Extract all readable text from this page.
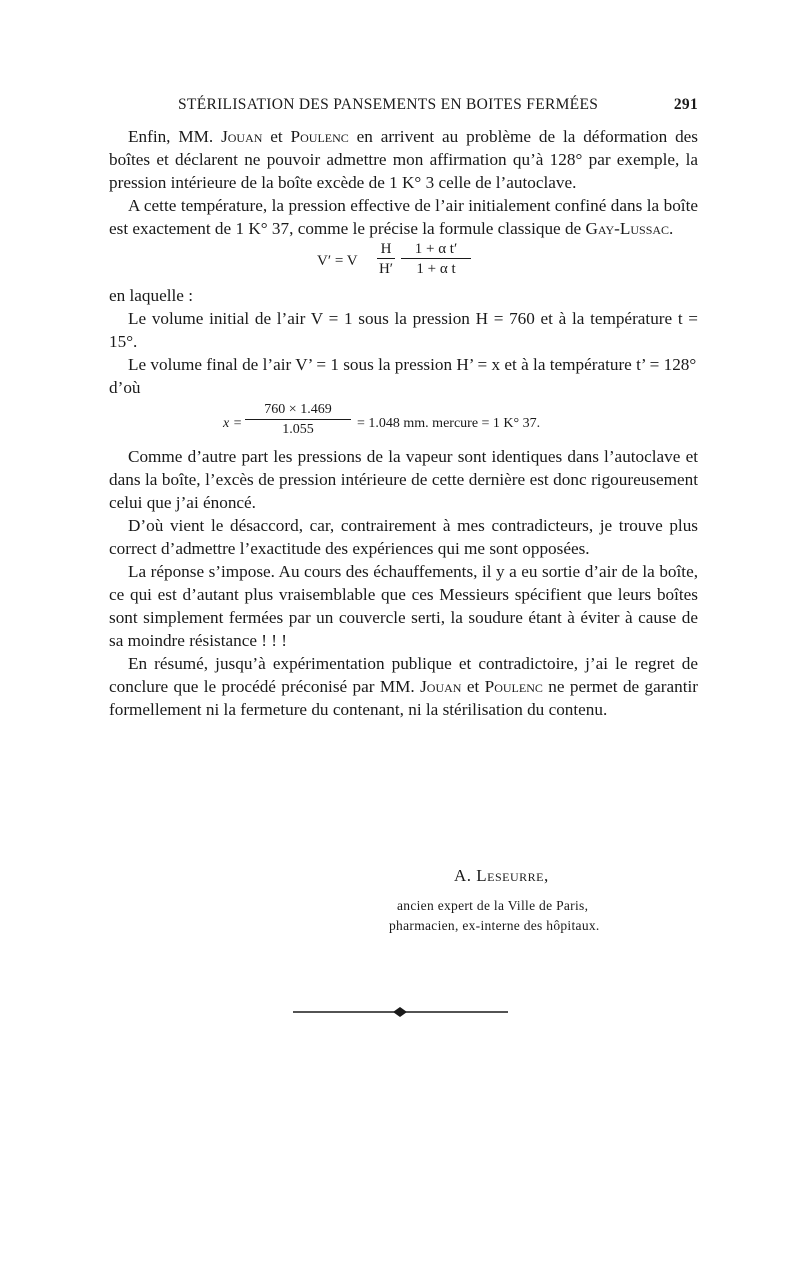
STÉRILISATION DES PANSEMENTS EN BOITES FERMÉES	291

Enfin, MM. Jouan et Poulenc en arrivent au problème de la déformation des boîtes et déclarent ne pouvoir admettre mon affirmation qu’à 128° par exemple, la pression intérieure de la boîte excède de 1 K° 3 celle de l’autoclave.

A cette température, la pression effective de l’air initialement confiné dans la boîte est exactement de 1 K° 37, comme le précise la formule classique de Gay-Lussac.

V′ = V $\frac{H}{H'} \frac{\text{1 + α t′}}{\text{1 + α t}}$

en laquelle :

Le volume initial de l’air V = 1 sous la pression H = 760 et à la température t = 15°.

Le volume final de l’air V’ = 1 sous la pression H’ = x et à la température t’ = 128°

d’où

$x = \frac{760 \times 1.469}{1.055} = 1.048$ mm. mercure = 1 K° 37.

Comme d’autre part les pressions de la vapeur sont identiques dans l’autoclave et dans la boîte, l’excès de pression intérieure de cette dernière est donc rigoureusement celui que j’ai énoncé.

D’où vient le désaccord, car, contrairement à mes contradicteurs, je trouve plus correct d’admettre l’exactitude des expériences qui me sont opposées.

La réponse s’impose. Au cours des échauffements, il y a eu sortie d’air de la boîte, ce qui est d’autant plus vraisemblable que ces Messieurs spécifient que leurs boîtes sont simplement fermées par un couvercle serti, la soudure étant à éviter à cause de sa moindre résistance ! ! !

En résumé, jusqu’à expérimentation publique et contradictoire, j’ai le regret de conclure que le procédé préconisé par MM. Jouan et Poulenc ne permet de garantir formellement ni la fermeture du contenant, ni la stérilisation du contenu.

A. Leseurre,
ancien expert de la Ville de Paris,
pharmacien, ex-interne des hôpitaux.
